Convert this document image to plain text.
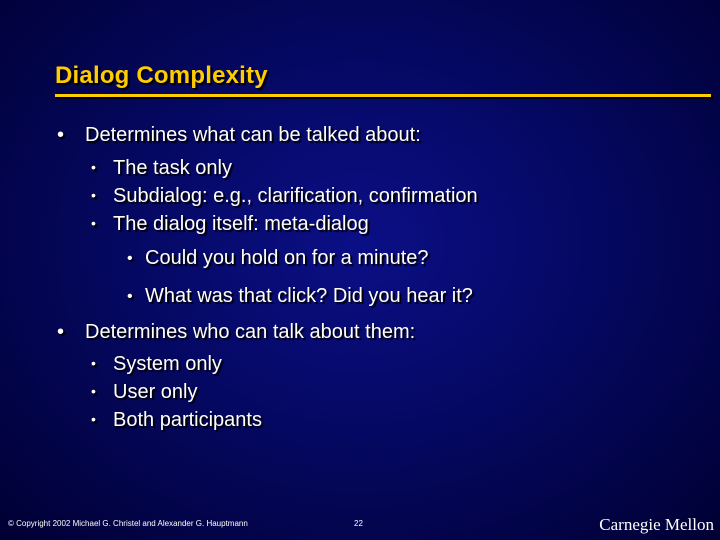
Dialog Complexity
• Determines what can be talked about:
• The task only
• Subdialog: e.g., clarification, confirmation
• The dialog itself: meta-dialog
• Could you hold on for a minute?
• What was that click? Did you hear it?
• Determines who can talk about them:
• System only
• User only
• Both participants
© Copyright 2002 Michael G. Christel and Alexander G. Hauptmann	22	Carnegie Mellon
